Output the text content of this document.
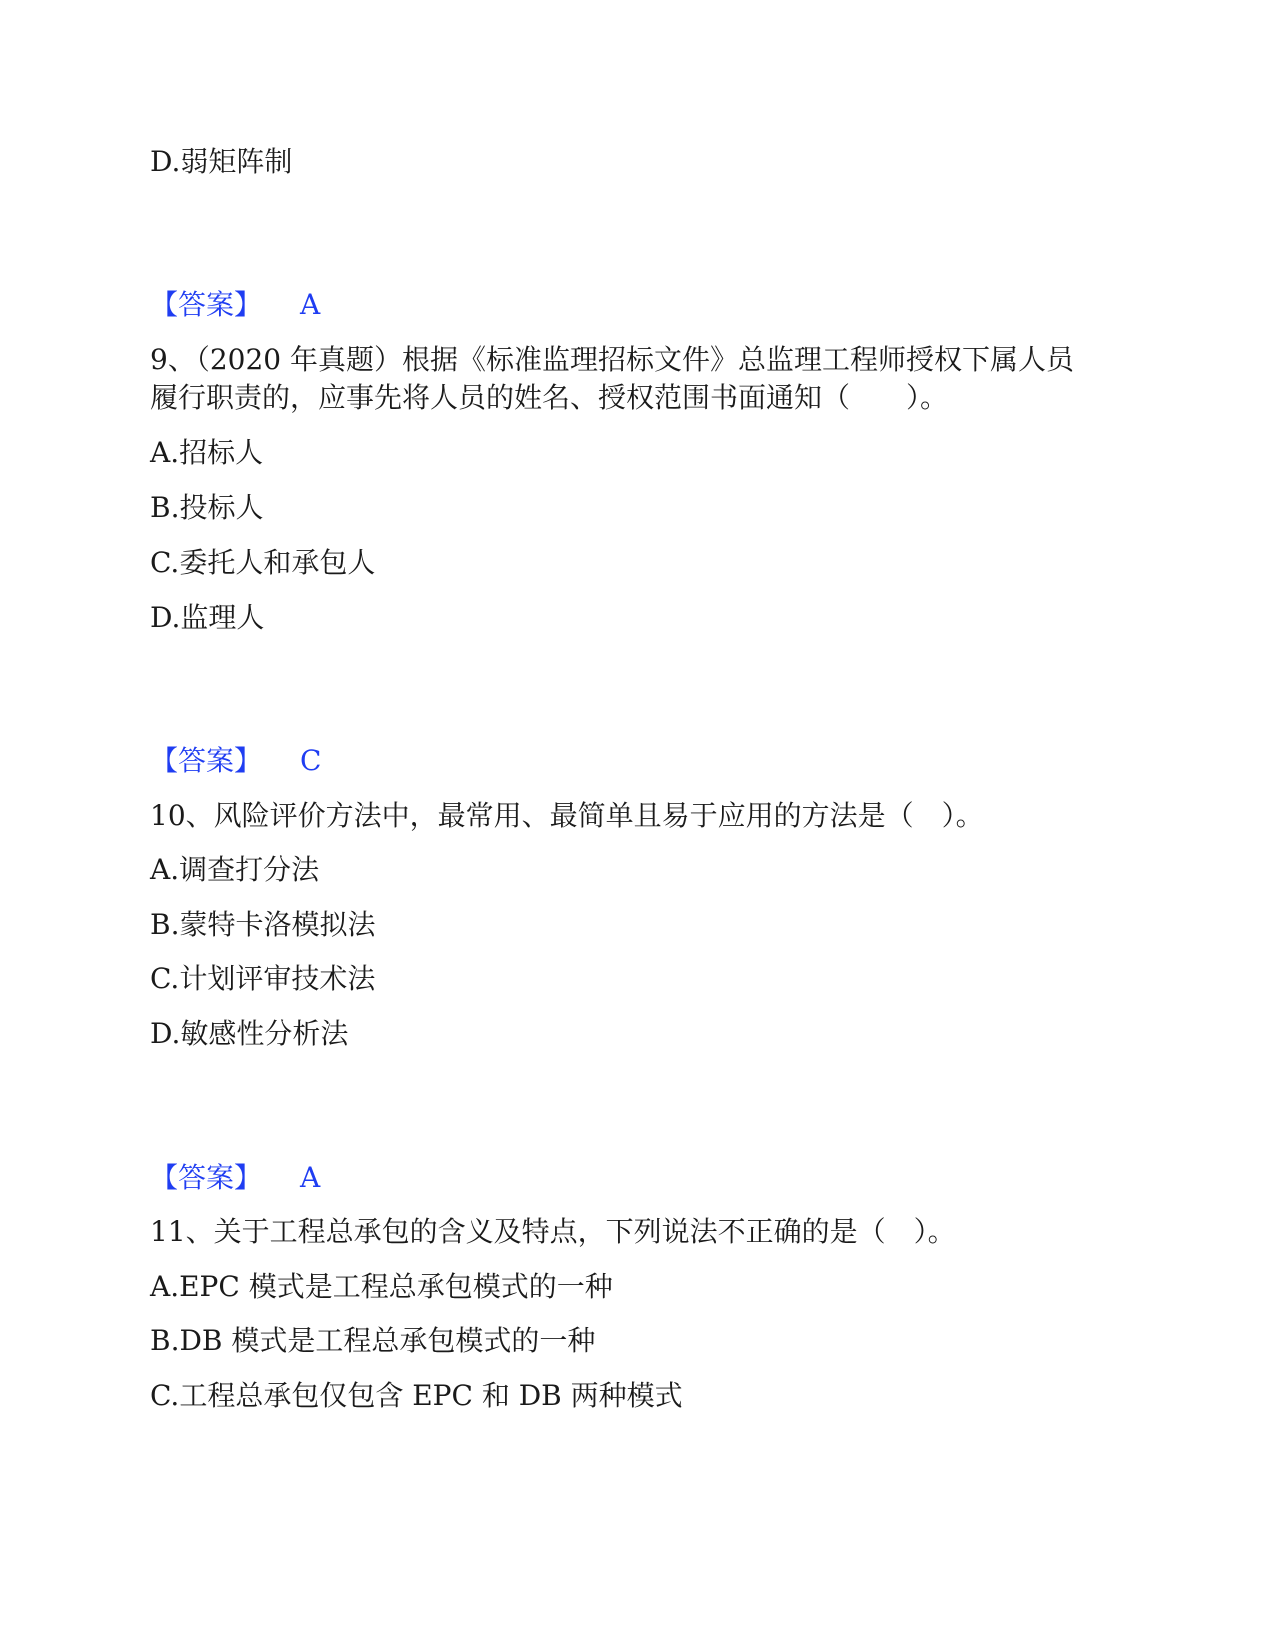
D.弱矩阵制
【答案】 A
9、（2020 年真题）根据《标准监理招标文件》总监理工程师授权下属人员
履行职责的，应事先将人员的姓名、授权范围书面通知（　　）。
A.招标人
B.投标人
C.委托人和承包人
D.监理人
【答案】 C
10、风险评价方法中，最常用、最简单且易于应用的方法是（　）。
A.调查打分法
B.蒙特卡洛模拟法
C.计划评审技术法
D.敏感性分析法
【答案】 A
11、关于工程总承包的含义及特点，下列说法不正确的是（　）。
A.EPC 模式是工程总承包模式的一种
B.DB 模式是工程总承包模式的一种
C.工程总承包仅包含 EPC 和 DB 两种模式
